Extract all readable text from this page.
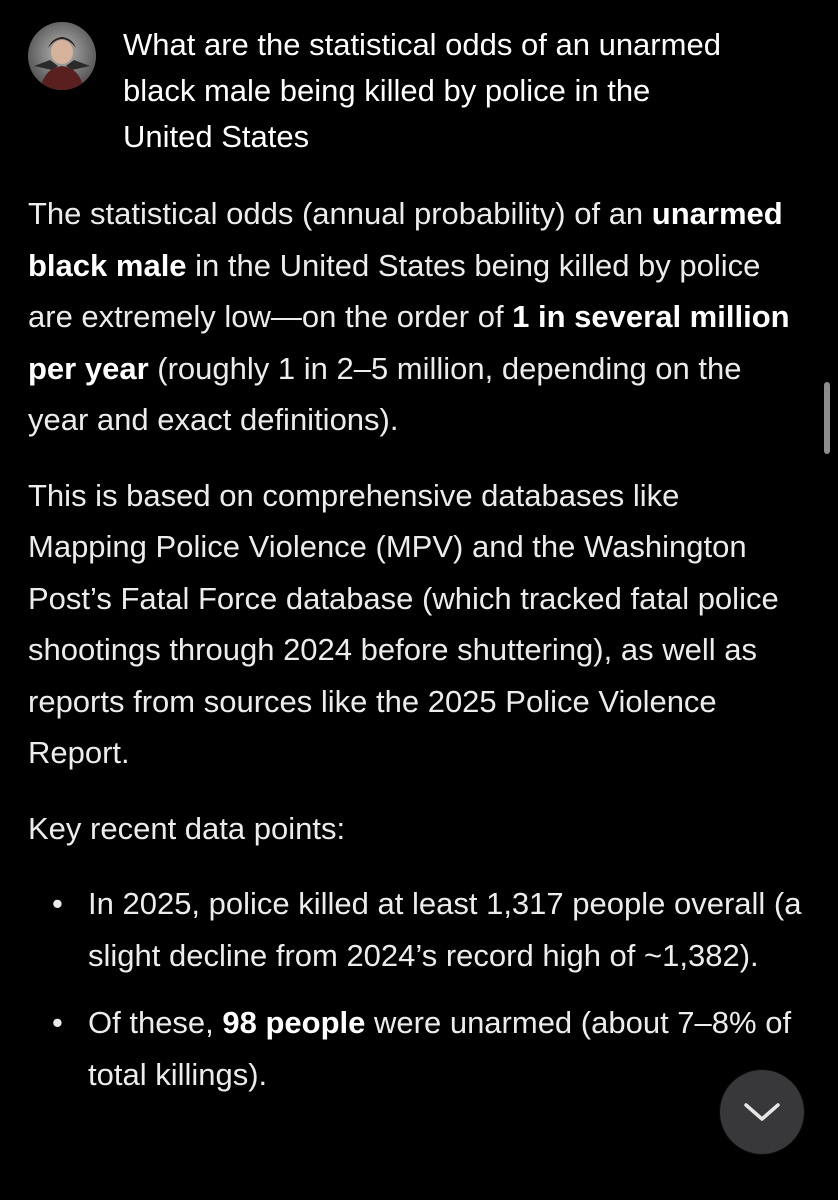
What are the statistical odds of an unarmed black male being killed by police in the United States

The statistical odds (annual probability) of an unarmed black male in the United States being killed by police are extremely low—on the order of 1 in several million per year (roughly 1 in 2–5 million, depending on the year and exact definitions).

This is based on comprehensive databases like Mapping Police Violence (MPV) and the Washington Post’s Fatal Force database (which tracked fatal police shootings through 2024 before shuttering), as well as reports from sources like the 2025 Police Violence Report.

Key recent data points:

• In 2025, police killed at least 1,317 people overall (a slight decline from 2024’s record high of ~1,382).
• Of these, 98 people were unarmed (about 7–8% of total killings).
